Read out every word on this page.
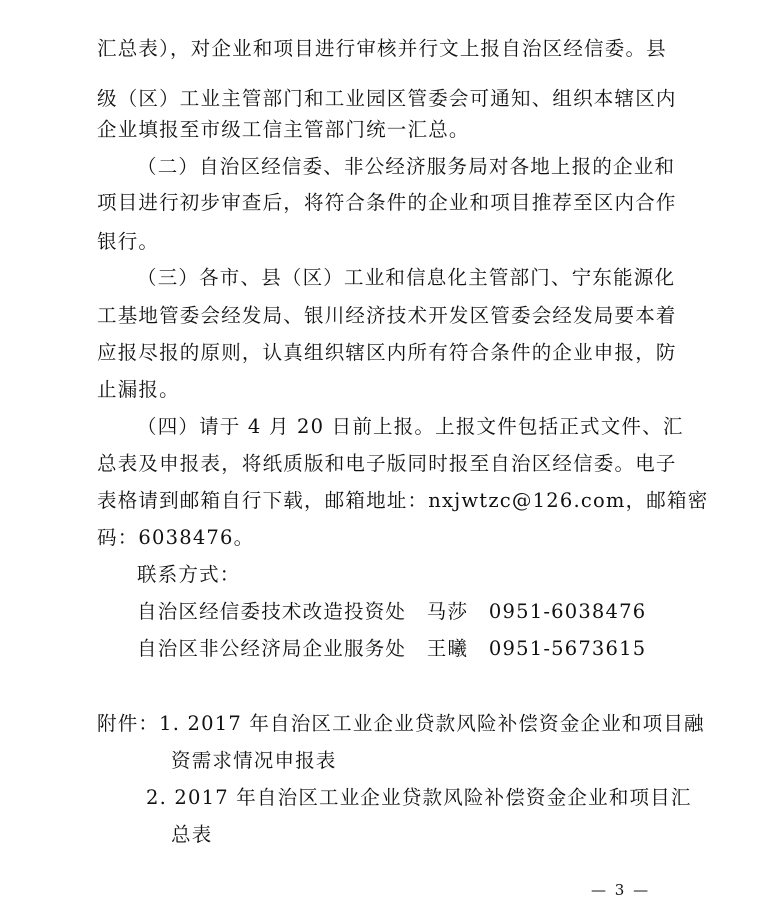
汇总表），对企业和项目进行审核并行文上报自治区经信委。县
级（区）工业主管部门和工业园区管委会可通知、组织本辖区内
企业填报至市级工信主管部门统一汇总。
（二）自治区经信委、非公经济服务局对各地上报的企业和
项目进行初步审查后，将符合条件的企业和项目推荐至区内合作
银行。
（三）各市、县（区）工业和信息化主管部门、宁东能源化
工基地管委会经发局、银川经济技术开发区管委会经发局要本着
应报尽报的原则，认真组织辖区内所有符合条件的企业申报，防
止漏报。
（四）请于 4 月 20 日前上报。上报文件包括正式文件、汇
总表及申报表，将纸质版和电子版同时报至自治区经信委。电子
表格请到邮箱自行下载，邮箱地址：nxjwtzc@126.com，邮箱密
码：6038476。
联系方式：
自治区经信委技术改造投资处　马莎　0951-6038476
自治区非公经济局企业服务处　王曦　0951-5673615
附件：1. 2017 年自治区工业企业贷款风险补偿资金企业和项目融
资需求情况申报表
2. 2017 年自治区工业企业贷款风险补偿资金企业和项目汇
总表
— 3 —
